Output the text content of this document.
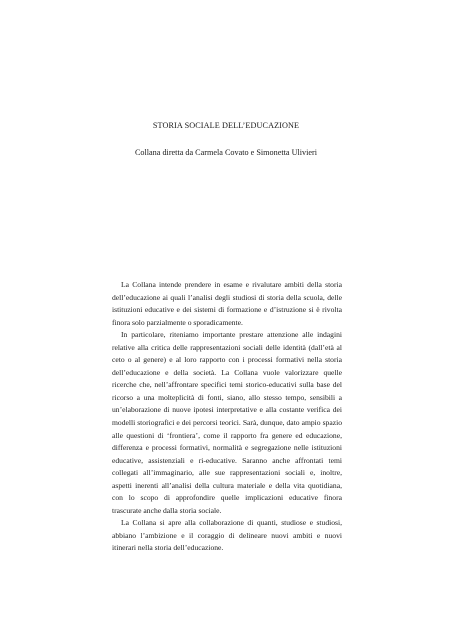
STORIA SOCIALE DELL’EDUCAZIONE
Collana diretta da Carmela Covato e Simonetta Ulivieri

La Collana intende prendere in esame e rivalutare ambiti della storia dell’educazione ai quali l’analisi degli studiosi di storia della scuola, delle istituzioni educative e dei sistemi di formazione e d’istruzione si è rivolta finora solo parzialmente o sporadicamente.

In particolare, riteniamo importante prestare attenzione alle indagini relative alla critica delle rappresentazioni sociali delle identità (dall’età al ceto o al genere) e al loro rapporto con i processi formativi nella storia dell’educazione e della società. La Collana vuole valorizzare quelle ricerche che, nell’affrontare specifici temi storico-educativi sulla base del ricorso a una molteplicità di fonti, siano, allo stesso tempo, sensibili a un’elaborazione di nuove ipotesi interpretative e alla costante verifica dei modelli storiografici e dei percorsi teorici. Sarà, dunque, dato ampio spazio alle questioni di ‘frontiera’, come il rapporto fra genere ed educazione, differenza e processi formativi, normalità e segregazione nelle istituzioni educative, assistenziali e ri-educative. Saranno anche affrontati temi collegati all’immaginario, alle sue rappresentazioni sociali e, inoltre, aspetti inerenti all’analisi della cultura materiale e della vita quotidiana, con lo scopo di approfondire quelle implicazioni educative finora trascurate anche dalla storia sociale.

La Collana si apre alla collaborazione di quanti, studiose e studiosi, abbiano l’ambizione e il coraggio di delineare nuovi ambiti e nuovi itinerari nella storia dell’educazione.
